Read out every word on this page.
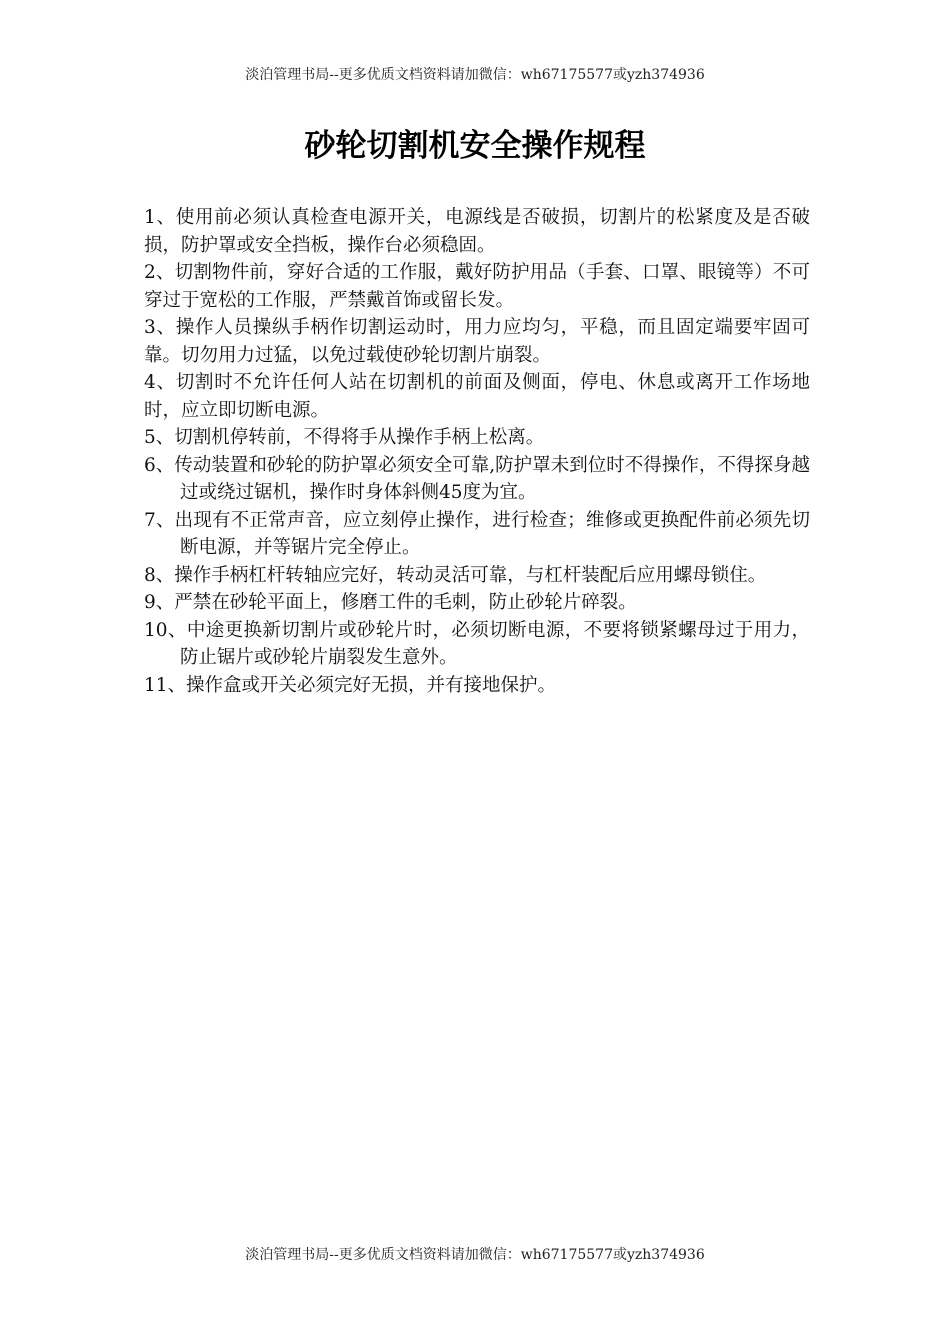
淡泊管理书局--更多优质文档资料请加微信：wh67175577或yzh374936
砂轮切割机安全操作规程
1、使用前必须认真检查电源开关，电源线是否破损，切割片的松紧度及是否破损，防护罩或安全挡板，操作台必须稳固。
2、切割物件前，穿好合适的工作服，戴好防护用品（手套、口罩、眼镜等）不可穿过于宽松的工作服，严禁戴首饰或留长发。
3、操作人员操纵手柄作切割运动时，用力应均匀，平稳，而且固定端要牢固可靠。切勿用力过猛，以免过载使砂轮切割片崩裂。
4、切割时不允许任何人站在切割机的前面及侧面，停电、休息或离开工作场地时，应立即切断电源。
5、切割机停转前，不得将手从操作手柄上松离。
6、传动装置和砂轮的防护罩必须安全可靠,防护罩未到位时不得操作，不得探身越过或绕过锯机，操作时身体斜侧45度为宜。
7、出现有不正常声音，应立刻停止操作，进行检查；维修或更换配件前必须先切断电源，并等锯片完全停止。
8、操作手柄杠杆转轴应完好，转动灵活可靠，与杠杆装配后应用螺母锁住。
9、严禁在砂轮平面上，修磨工件的毛刺，防止砂轮片碎裂。
10、中途更换新切割片或砂轮片时，必须切断电源，不要将锁紧螺母过于用力，防止锯片或砂轮片崩裂发生意外。
11、操作盒或开关必须完好无损，并有接地保护。
淡泊管理书局--更多优质文档资料请加微信：wh67175577或yzh374936
